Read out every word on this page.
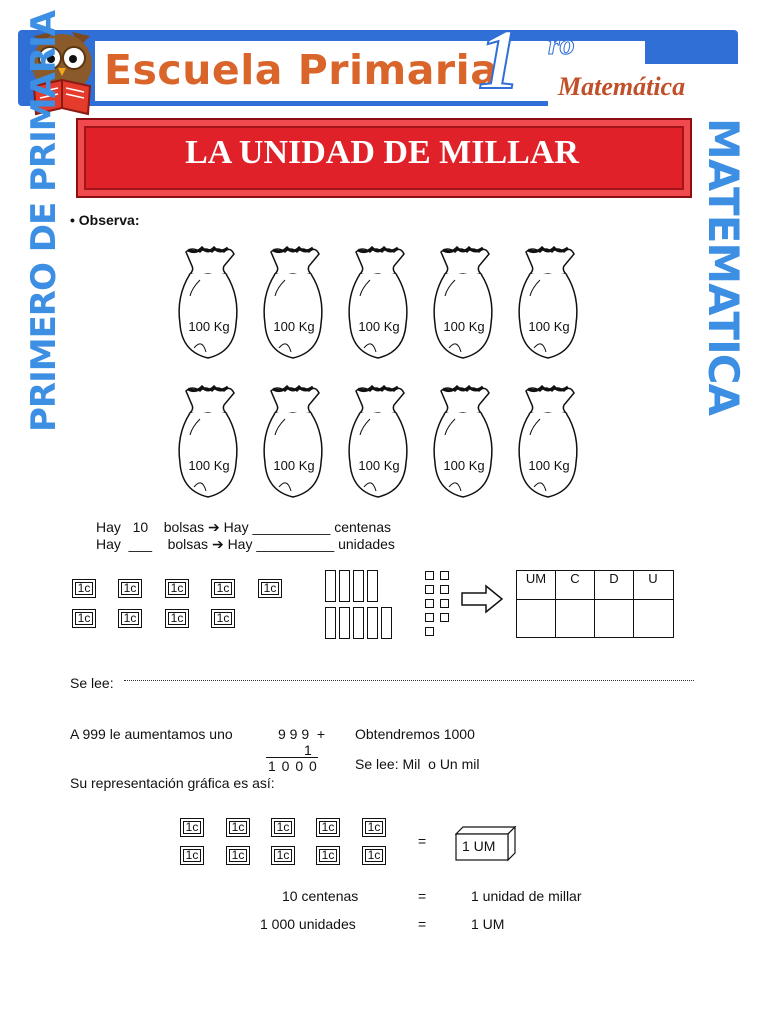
Escuela Primaria
1 ro
Matemática
PRIMERO DE PRIMARIA	MATEMATICA
LA UNIDAD DE MILLAR
• Observa:
100 Kg	100 Kg	100 Kg	100 Kg	100 Kg
100 Kg	100 Kg	100 Kg	100 Kg	100 Kg
Hay   10    bolsas ➔ Hay __________ centenas
Hay  ___    bolsas ➔ Hay __________ unidades
1c	1c	1c	1c	1c
1c	1c	1c	1c
UM	C	D	U
Se lee:
A 999 le aumentamos uno	9 9 9  +
1
1 0 0 0
Obtendremos 1000
Se lee: Mil  o Un mil
Su representación gráfica es así:
1c	1c	1c	1c	1c
1c	1c	1c	1c	1c
=	1 UM
10 centenas	=	1 unidad de millar
1 000 unidades	=	1 UM
